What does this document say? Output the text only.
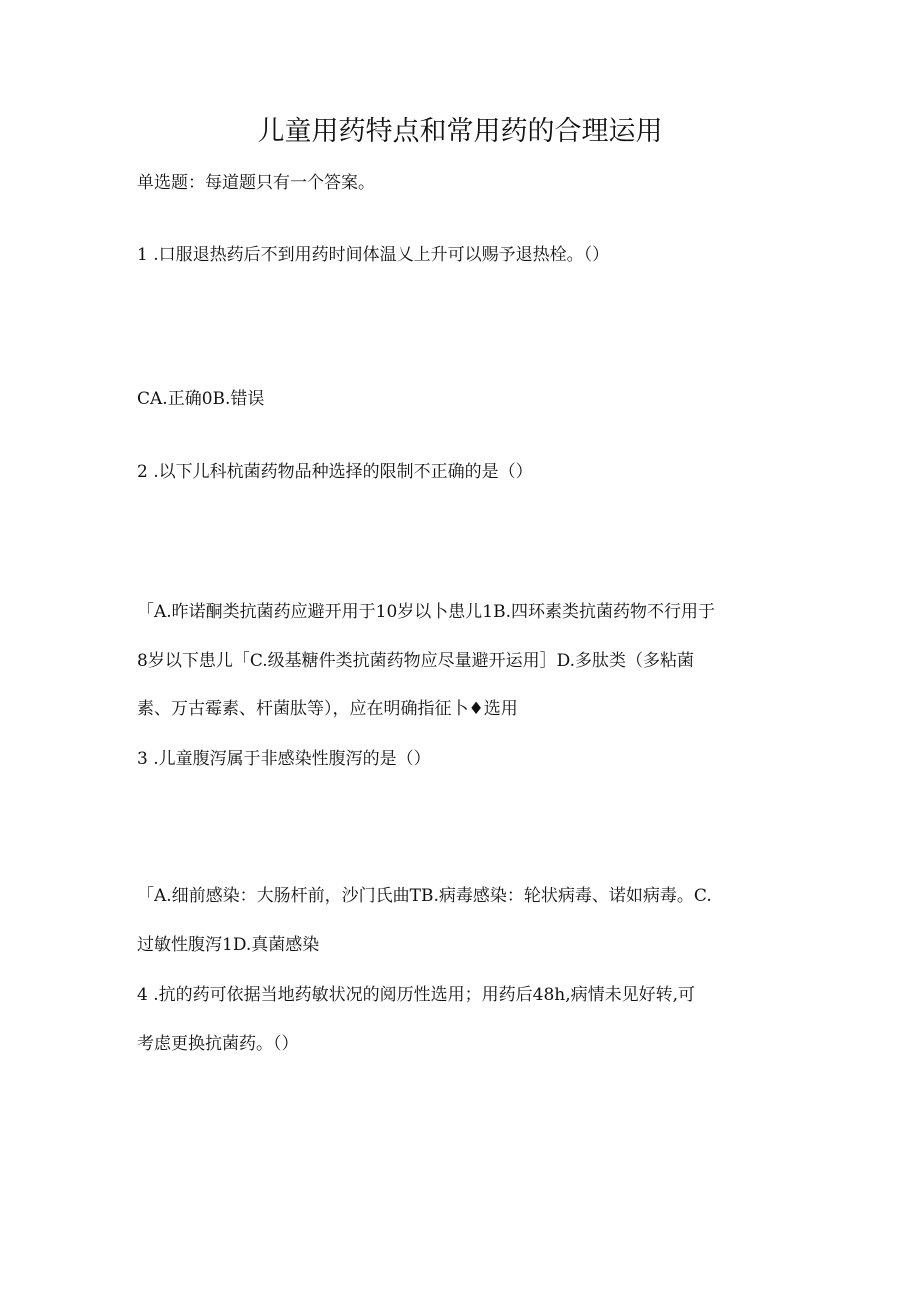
儿童用药特点和常用药的合理运用
单选题：每道题只有一个答案。
1 .口服退热药后不到用药时间体温乂上升可以赐予退热栓。（）
CA.正确0B.错误
2 .以下儿科杭菌药物品种选择的限制不正确的是（）
「A.昨诺酮类抗菌药应避开用于10岁以卜患儿1B.四环素类抗菌药物不行用于
8岁以下患儿「C.级基糖件类抗菌药物应尽量避开运用］D.多肽类（多粘菌
素、万古霉素、杆菌肽等），应在明确指征卜♦选用
3 .儿童腹泻属于非感染性腹泻的是（）
「A.细前感染：大肠杆前，沙门氏曲TB.病毒感染：轮状病毒、诺如病毒。C.
过敏性腹泻1D.真菌感染
4 .抗的药可依据当地药敏状况的阅历性选用；用药后48h,病情未见好转,可
考虑更换抗菌药。（）
